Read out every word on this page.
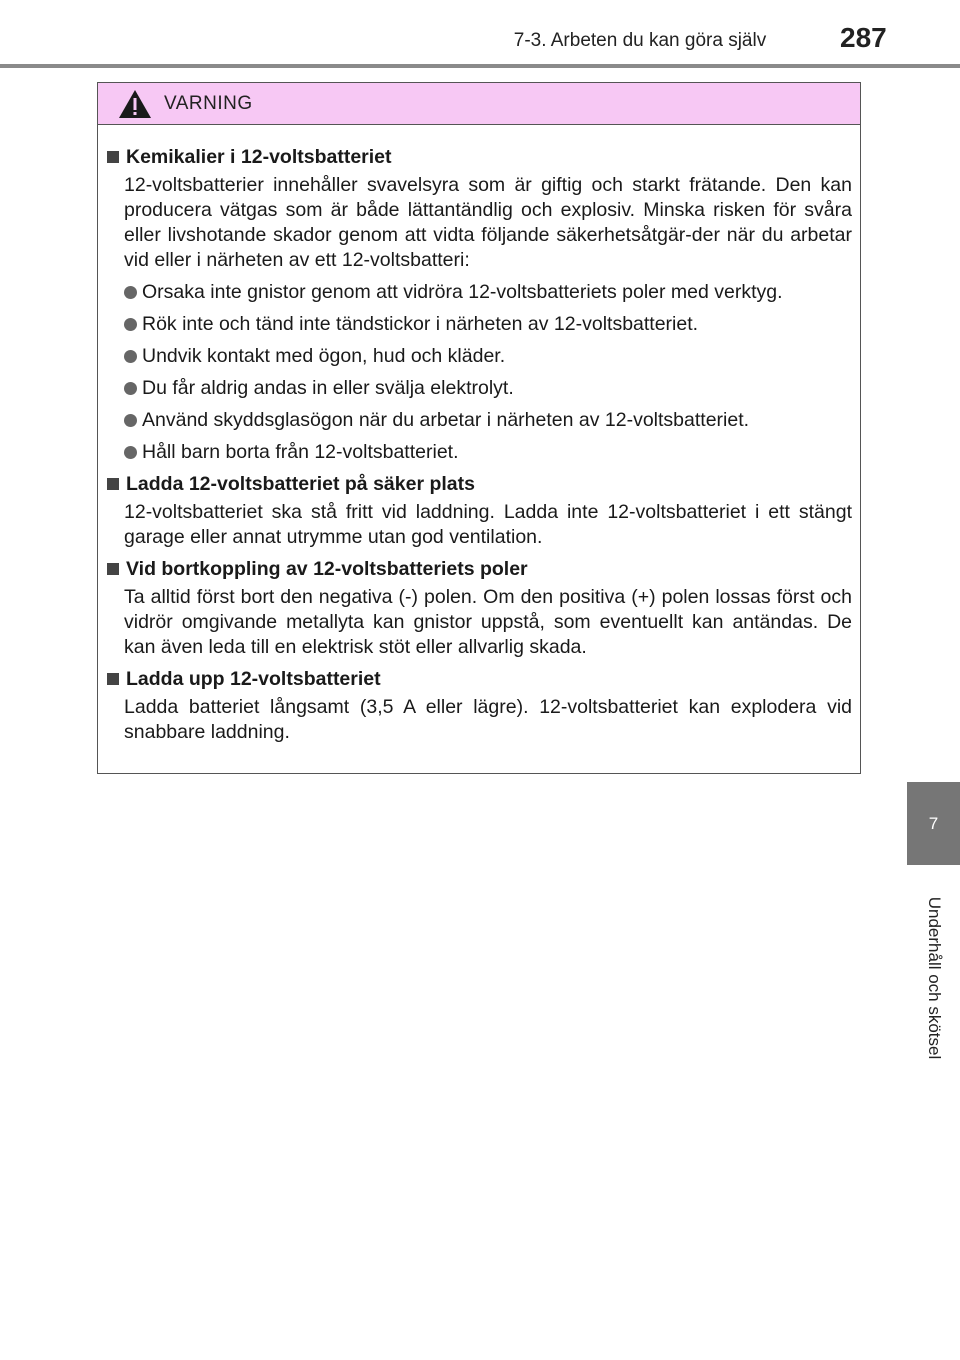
7-3. Arbeten du kan göra själv	287
7
Underhåll och skötsel
VARNING
Kemikalier i 12-voltsbatteriet
12-voltsbatterier innehåller svavelsyra som är giftig och starkt frätande. Den kan producera vätgas som är både lättantändlig och explosiv. Minska risken för svåra eller livshotande skador genom att vidta följande säkerhetsåtgär-der när du arbetar vid eller i närheten av ett 12-voltsbatteri:
Orsaka inte gnistor genom att vidröra 12-voltsbatteriets poler med verktyg.
Rök inte och tänd inte tändstickor i närheten av 12-voltsbatteriet.
Undvik kontakt med ögon, hud och kläder.
Du får aldrig andas in eller svälja elektrolyt.
Använd skyddsglasögon när du arbetar i närheten av 12-voltsbatteriet.
Håll barn borta från 12-voltsbatteriet.
Ladda 12-voltsbatteriet på säker plats
12-voltsbatteriet ska stå fritt vid laddning. Ladda inte 12-voltsbatteriet i ett stängt garage eller annat utrymme utan god ventilation.
Vid bortkoppling av 12-voltsbatteriets poler
Ta alltid först bort den negativa (-) polen. Om den positiva (+) polen lossas först och vidrör omgivande metallyta kan gnistor uppstå, som eventuellt kan antändas. De kan även leda till en elektrisk stöt eller allvarlig skada.
Ladda upp 12-voltsbatteriet
Ladda batteriet långsamt (3,5 A eller lägre). 12-voltsbatteriet kan explodera vid snabbare laddning.
